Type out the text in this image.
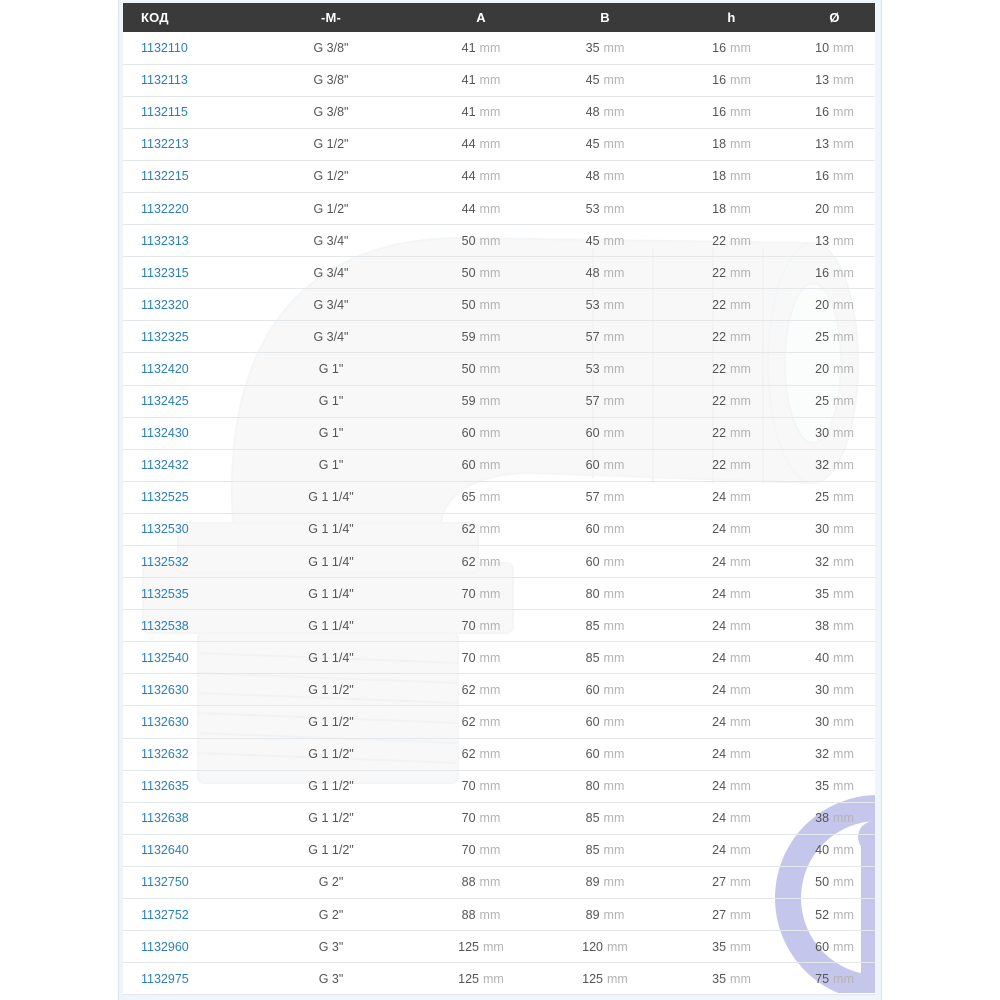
КОД	-M-	A	B	h	Ø
1132110	G 3/8"	41 mm	35 mm	16 mm	10 mm
1132113	G 3/8"	41 mm	45 mm	16 mm	13 mm
1132115	G 3/8"	41 mm	48 mm	16 mm	16 mm
1132213	G 1/2"	44 mm	45 mm	18 mm	13 mm
1132215	G 1/2"	44 mm	48 mm	18 mm	16 mm
1132220	G 1/2"	44 mm	53 mm	18 mm	20 mm
1132313	G 3/4"	50 mm	45 mm	22 mm	13 mm
1132315	G 3/4"	50 mm	48 mm	22 mm	16 mm
1132320	G 3/4"	50 mm	53 mm	22 mm	20 mm
1132325	G 3/4"	59 mm	57 mm	22 mm	25 mm
1132420	G 1"	50 mm	53 mm	22 mm	20 mm
1132425	G 1"	59 mm	57 mm	22 mm	25 mm
1132430	G 1"	60 mm	60 mm	22 mm	30 mm
1132432	G 1"	60 mm	60 mm	22 mm	32 mm
1132525	G 1 1/4"	65 mm	57 mm	24 mm	25 mm
1132530	G 1 1/4"	62 mm	60 mm	24 mm	30 mm
1132532	G 1 1/4"	62 mm	60 mm	24 mm	32 mm
1132535	G 1 1/4"	70 mm	80 mm	24 mm	35 mm
1132538	G 1 1/4"	70 mm	85 mm	24 mm	38 mm
1132540	G 1 1/4"	70 mm	85 mm	24 mm	40 mm
1132630	G 1 1/2"	62 mm	60 mm	24 mm	30 mm
1132630	G 1 1/2"	62 mm	60 mm	24 mm	30 mm
1132632	G 1 1/2"	62 mm	60 mm	24 mm	32 mm
1132635	G 1 1/2"	70 mm	80 mm	24 mm	35 mm
1132638	G 1 1/2"	70 mm	85 mm	24 mm	38 mm
1132640	G 1 1/2"	70 mm	85 mm	24 mm	40 mm
1132750	G 2"	88 mm	89 mm	27 mm	50 mm
1132752	G 2"	88 mm	89 mm	27 mm	52 mm
1132960	G 3"	125 mm	120 mm	35 mm	60 mm
1132975	G 3"	125 mm	125 mm	35 mm	75 mm
